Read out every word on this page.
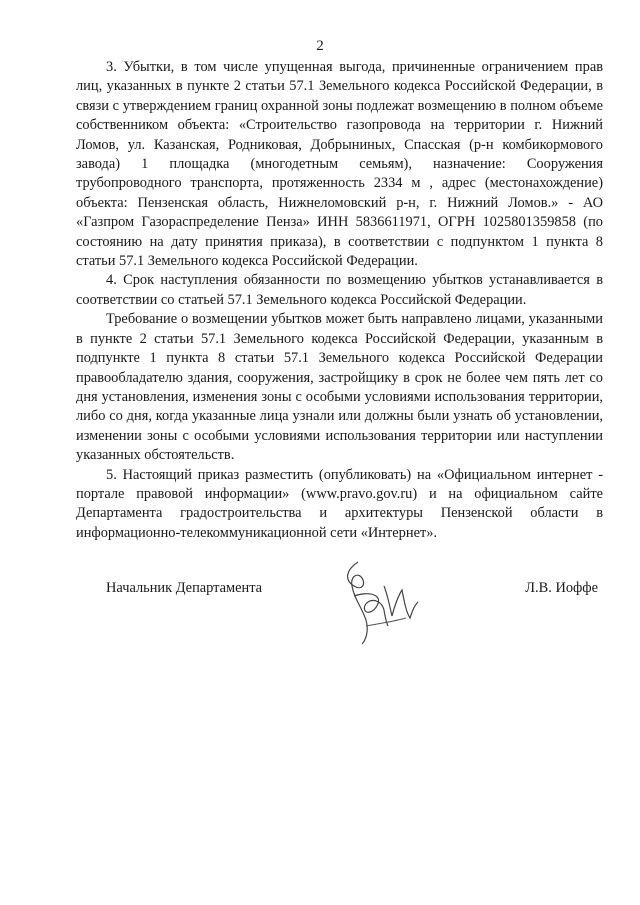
2

3. Убытки, в том числе упущенная выгода, причиненные ограничением прав лиц, указанных в пункте 2 статьи 57.1 Земельного кодекса Российской Федерации, в связи с утверждением границ охранной зоны подлежат возмещению в полном объеме собственником объекта: «Строительство газопровода на территории г. Нижний Ломов, ул. Казанская, Родниковая, Добрыниных, Спасская (р-н комбикормового завода) 1 площадка (многодетным семьям), назначение: Сооружения трубопроводного транспорта, протяженность 2334 м , адрес (местонахождение) объекта: Пензенская область, Нижнеломовский р-н, г. Нижний Ломов.» - АО «Газпром Газораспределение Пенза» ИНН 5836611971, ОГРН 1025801359858 (по состоянию на дату принятия приказа), в соответствии с подпунктом 1 пункта 8 статьи 57.1 Земельного кодекса Российской Федерации.

4. Срок наступления обязанности по возмещению убытков устанавливается в соответствии со статьей 57.1 Земельного кодекса Российской Федерации.

Требование о возмещении убытков может быть направлено лицами, указанными в пункте 2 статьи 57.1 Земельного кодекса Российской Федерации, указанным в подпункте 1 пункта 8 статьи 57.1 Земельного кодекса Российской Федерации правообладателю здания, сооружения, застройщику в срок не более чем пять лет со дня установления, изменения зоны с особыми условиями использования территории, либо со дня, когда указанные лица узнали или должны были узнать об установлении, изменении зоны с особыми условиями использования территории или наступлении указанных обстоятельств.

5. Настоящий приказ разместить (опубликовать) на «Официальном интернет - портале правовой информации» (www.pravo.gov.ru) и на официальном сайте Департамента градостроительства и архитектуры Пензенской области в информационно-телекоммуникационной сети «Интернет».

Начальник Департамента	Л.В. Иоффе
